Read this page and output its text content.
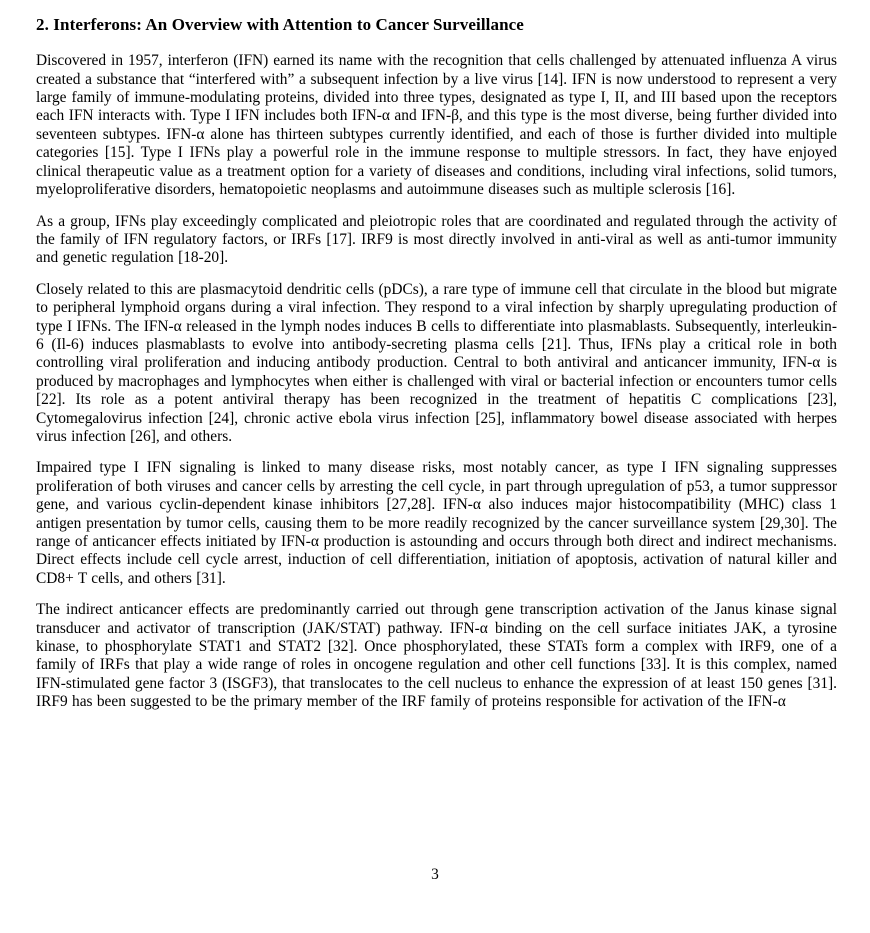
2. Interferons: An Overview with Attention to Cancer Surveillance

Discovered in 1957, interferon (IFN) earned its name with the recognition that cells challenged by attenuated influenza A virus created a substance that “interfered with” a subsequent infection by a live virus [14]. IFN is now understood to represent a very large family of immune-modulating proteins, divided into three types, designated as type I, II, and III based upon the receptors each IFN interacts with. Type I IFN includes both IFN-α and IFN-β, and this type is the most diverse, being further divided into seventeen subtypes. IFN-α alone has thirteen subtypes currently identified, and each of those is further divided into multiple categories [15]. Type I IFNs play a powerful role in the immune response to multiple stressors. In fact, they have enjoyed clinical therapeutic value as a treatment option for a variety of diseases and conditions, including viral infections, solid tumors, myeloproliferative disorders, hematopoietic neoplasms and autoimmune diseases such as multiple sclerosis [16].

As a group, IFNs play exceedingly complicated and pleiotropic roles that are coordinated and regulated through the activity of the family of IFN regulatory factors, or IRFs [17]. IRF9 is most directly involved in anti-viral as well as anti-tumor immunity and genetic regulation [18-20].

Closely related to this are plasmacytoid dendritic cells (pDCs), a rare type of immune cell that circulate in the blood but migrate to peripheral lymphoid organs during a viral infection. They respond to a viral infection by sharply upregulating production of type I IFNs. The IFN-α released in the lymph nodes induces B cells to differentiate into plasmablasts. Subsequently, interleukin-6 (Il-6) induces plasmablasts to evolve into antibody-secreting plasma cells [21]. Thus, IFNs play a critical role in both controlling viral proliferation and inducing antibody production. Central to both antiviral and anticancer immunity, IFN-α is produced by macrophages and lymphocytes when either is challenged with viral or bacterial infection or encounters tumor cells [22]. Its role as a potent antiviral therapy has been recognized in the treatment of hepatitis C complications [23], Cytomegalovirus infection [24], chronic active ebola virus infection [25], inflammatory bowel disease associated with herpes virus infection [26], and others.

Impaired type I IFN signaling is linked to many disease risks, most notably cancer, as type I IFN signaling suppresses proliferation of both viruses and cancer cells by arresting the cell cycle, in part through upregulation of p53, a tumor suppressor gene, and various cyclin-dependent kinase inhibitors [27,28]. IFN-α also induces major histocompatibility (MHC) class 1 antigen presentation by tumor cells, causing them to be more readily recognized by the cancer surveillance system [29,30]. The range of anticancer effects initiated by IFN-α production is astounding and occurs through both direct and indirect mechanisms. Direct effects include cell cycle arrest, induction of cell differentiation, initiation of apoptosis, activation of natural killer and CD8+ T cells, and others [31].

The indirect anticancer effects are predominantly carried out through gene transcription activation of the Janus kinase signal transducer and activator of transcription (JAK/STAT) pathway. IFN-α binding on the cell surface initiates JAK, a tyrosine kinase, to phosphorylate STAT1 and STAT2 [32]. Once phosphorylated, these STATs form a complex with IRF9, one of a family of IRFs that play a wide range of roles in oncogene regulation and other cell functions [33]. It is this complex, named IFN-stimulated gene factor 3 (ISGF3), that translocates to the cell nucleus to enhance the expression of at least 150 genes [31]. IRF9 has been suggested to be the primary member of the IRF family of proteins responsible for activation of the IFN-α

3
